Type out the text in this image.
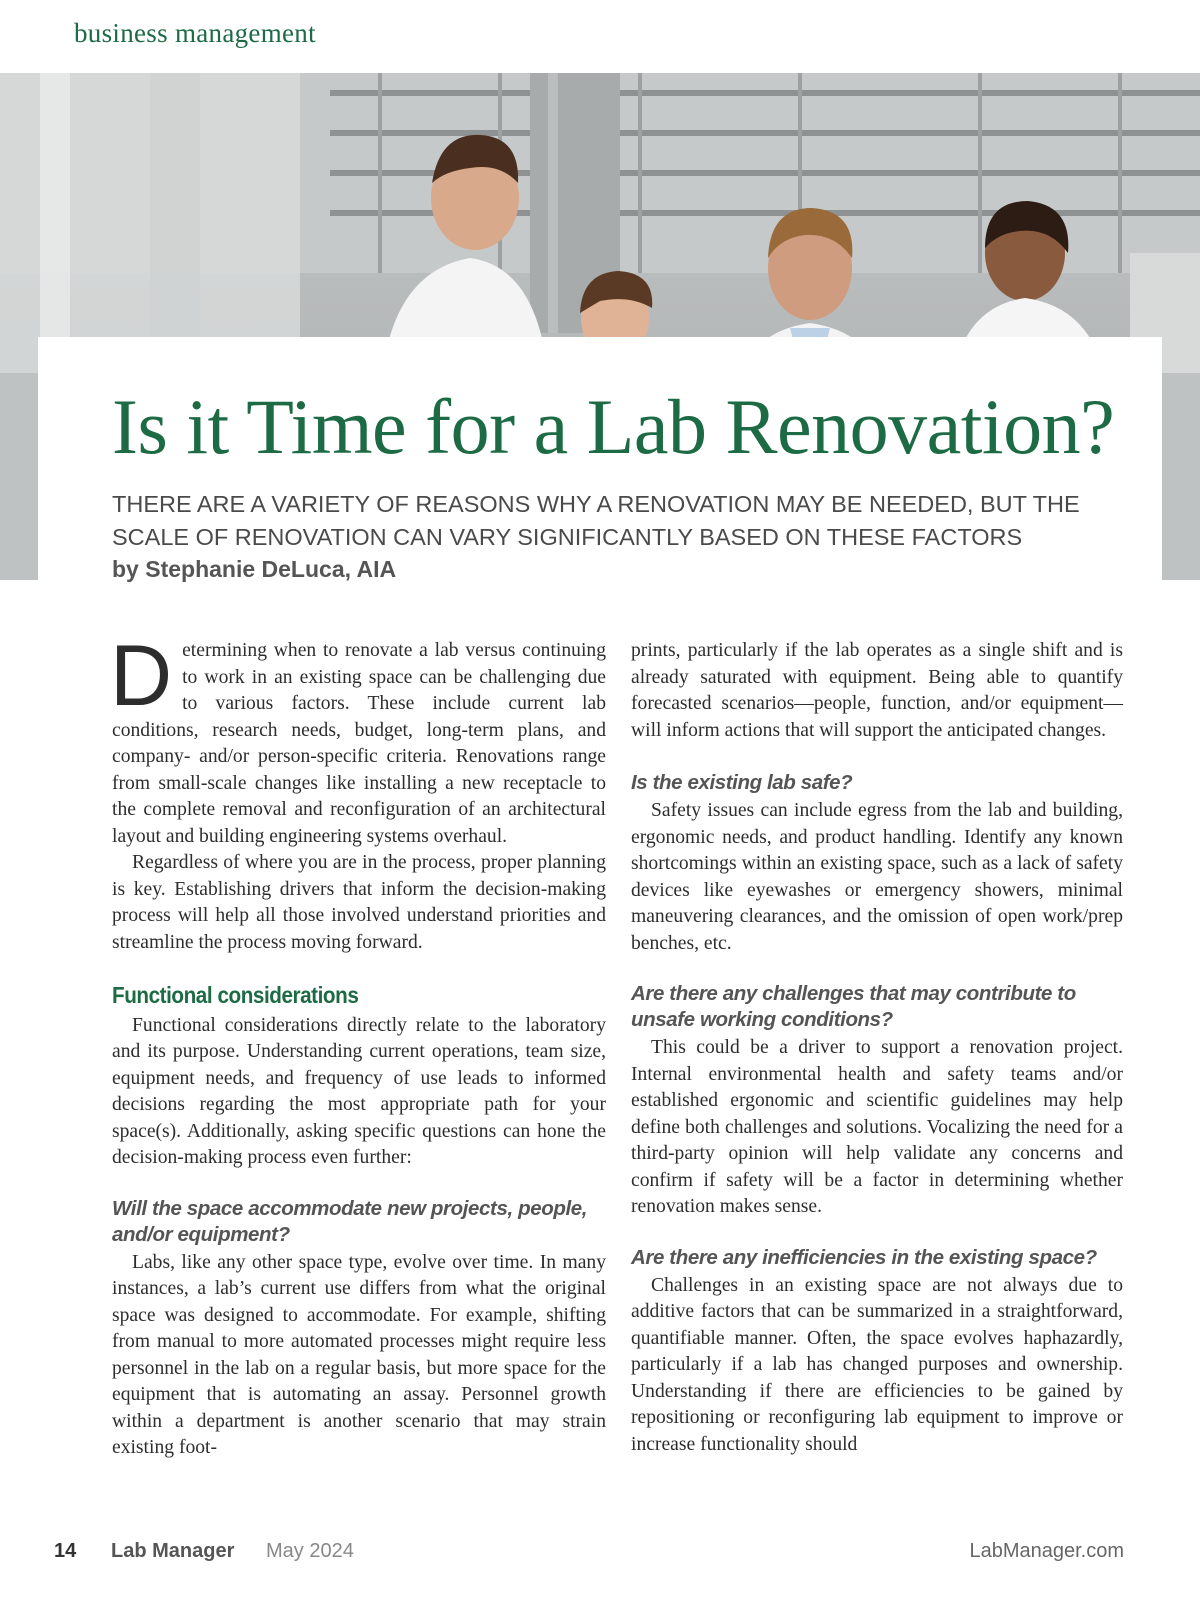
business management
Is it Time for a Lab Renovation?
THERE ARE A VARIETY OF REASONS WHY A RENOVATION MAY BE NEEDED, BUT THE SCALE OF RENOVATION CAN VARY SIGNIFICANTLY BASED ON THESE FACTORS
by Stephanie DeLuca, AIA

Determining when to renovate a lab versus continuing to work in an existing space can be challenging due to various factors. These include current lab conditions, research needs, budget, long-term plans, and company- and/or person-specific criteria. Renovations range from small-scale changes like installing a new receptacle to the complete removal and reconfiguration of an architectural layout and building engineering systems overhaul.

Regardless of where you are in the process, proper planning is key. Establishing drivers that inform the decision-making process will help all those involved understand priorities and streamline the process moving forward.

Functional considerations

Functional considerations directly relate to the laboratory and its purpose. Understanding current operations, team size, equipment needs, and frequency of use leads to informed decisions regarding the most appropriate path for your space(s). Additionally, asking specific questions can hone the decision-making process even further:

Will the space accommodate new projects, people, and/or equipment?

Labs, like any other space type, evolve over time. In many instances, a lab’s current use differs from what the original space was designed to accommodate. For example, shifting from manual to more automated processes might require less personnel in the lab on a regular basis, but more space for the equipment that is automating an assay. Personnel growth within a department is another scenario that may strain existing foot-

prints, particularly if the lab operates as a single shift and is already saturated with equipment. Being able to quantify forecasted scenarios—people, function, and/or equipment—will inform actions that will support the anticipated changes.

Is the existing lab safe?

Safety issues can include egress from the lab and building, ergonomic needs, and product handling. Identify any known shortcomings within an existing space, such as a lack of safety devices like eyewashes or emergency showers, minimal maneuvering clearances, and the omission of open work/prep benches, etc.

Are there any challenges that may contribute to unsafe working conditions?

This could be a driver to support a renovation project. Internal environmental health and safety teams and/or established ergonomic and scientific guidelines may help define both challenges and solutions. Vocalizing the need for a third-party opinion will help validate any concerns and confirm if safety will be a factor in determining whether renovation makes sense.

Are there any inefficiencies in the existing space?

Challenges in an existing space are not always due to additive factors that can be summarized in a straightforward, quantifiable manner. Often, the space evolves haphazardly, particularly if a lab has changed purposes and ownership. Understanding if there are efficiencies to be gained by repositioning or reconfiguring lab equipment to improve or increase functionality should

14 Lab Manager May 2024	LabManager.com
